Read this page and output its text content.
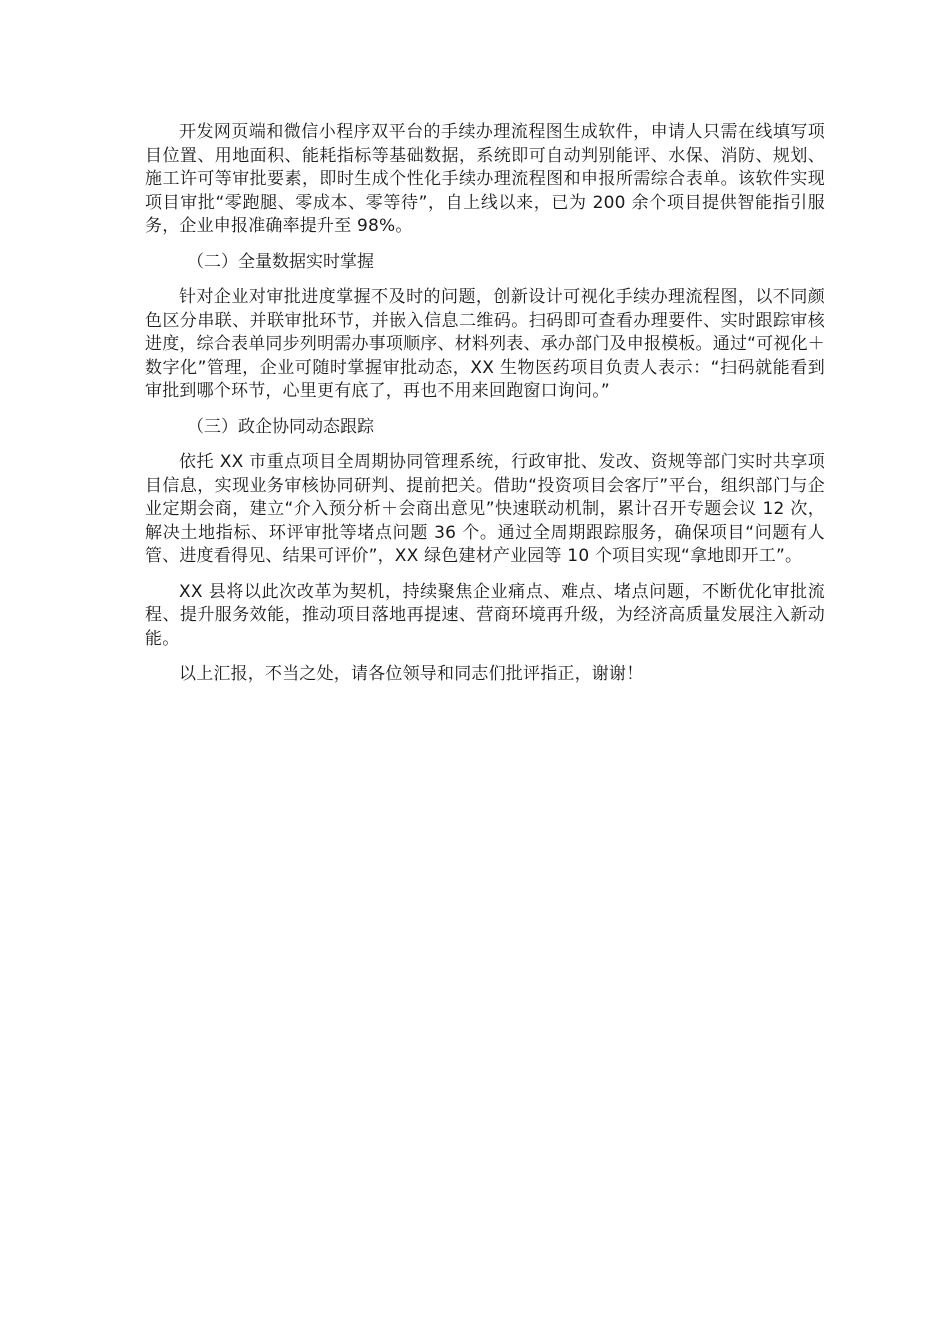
开发网页端和微信小程序双平台的手续办理流程图生成软件，申请人只需在线填写项目位置、用地面积、能耗指标等基础数据，系统即可自动判别能评、水保、消防、规划、施工许可等审批要素，即时生成个性化手续办理流程图和申报所需综合表单。该软件实现项目审批“零跑腿、零成本、零等待”，自上线以来，已为 200 余个项目提供智能指引服务，企业申报准确率提升至 98%。

（二）全量数据实时掌握

针对企业对审批进度掌握不及时的问题，创新设计可视化手续办理流程图，以不同颜色区分串联、并联审批环节，并嵌入信息二维码。扫码即可查看办理要件、实时跟踪审核进度，综合表单同步列明需办事项顺序、材料列表、承办部门及申报模板。通过“可视化＋数字化”管理，企业可随时掌握审批动态，XX 生物医药项目负责人表示：“扫码就能看到审批到哪个环节，心里更有底了，再也不用来回跑窗口询问。”

（三）政企协同动态跟踪

依托 XX 市重点项目全周期协同管理系统，行政审批、发改、资规等部门实时共享项目信息，实现业务审核协同研判、提前把关。借助“投资项目会客厅”平台，组织部门与企业定期会商，建立“介入预分析＋会商出意见”快速联动机制，累计召开专题会议 12 次，解决土地指标、环评审批等堵点问题 36 个。通过全周期跟踪服务，确保项目“问题有人管、进度看得见、结果可评价”，XX 绿色建材产业园等 10 个项目实现“拿地即开工”。

XX 县将以此次改革为契机，持续聚焦企业痛点、难点、堵点问题，不断优化审批流程、提升服务效能，推动项目落地再提速、营商环境再升级，为经济高质量发展注入新动能。

以上汇报，不当之处，请各位领导和同志们批评指正，谢谢！
